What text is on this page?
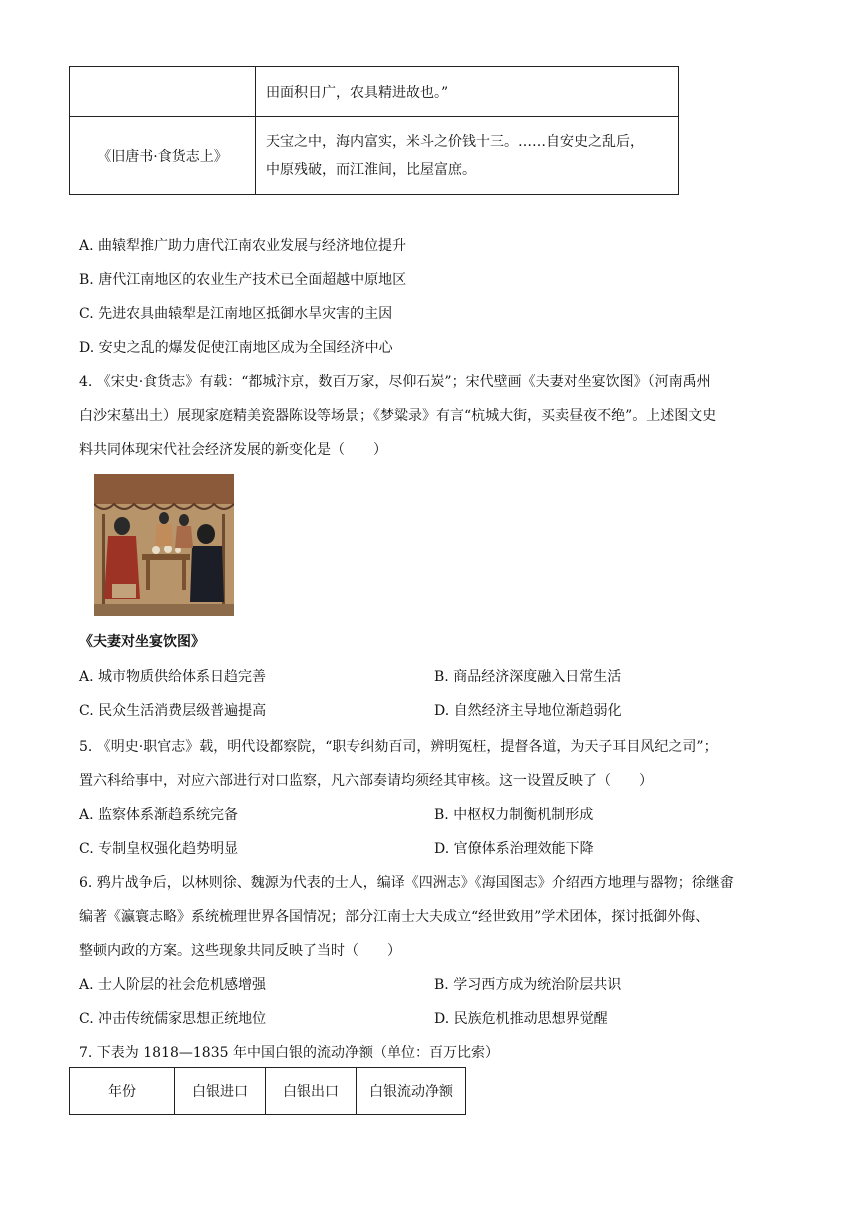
	田面积日广，农具精进故也。”
《旧唐书·食货志上》	天宝之中，海内富实，米斗之价钱十三。……自安史之乱后，
中原残破，而江淮间，比屋富庶。
A. 曲辕犁推广助力唐代江南农业发展与经济地位提升
B. 唐代江南地区的农业生产技术已全面超越中原地区
C. 先进农具曲辕犁是江南地区抵御水旱灾害的主因
D. 安史之乱的爆发促使江南地区成为全国经济中心
4. 《宋史·食货志》有载：“都城汴京，数百万家，尽仰石炭”；宋代壁画《夫妻对坐宴饮图》（河南禹州
白沙宋墓出土）展现家庭精美瓷器陈设等场景；《梦粱录》有言“杭城大街，买卖昼夜不绝”。上述图文史
料共同体现宋代社会经济发展的新变化是（　　）
《夫妻对坐宴饮图》
A. 城市物质供给体系日趋完善	B. 商品经济深度融入日常生活
C. 民众生活消费层级普遍提高	D. 自然经济主导地位渐趋弱化
5. 《明史·职官志》载，明代设都察院，“职专纠劾百司，辨明冤枉，提督各道，为天子耳目风纪之司”；
置六科给事中，对应六部进行对口监察，凡六部奏请均须经其审核。这一设置反映了（　　）
A. 监察体系渐趋系统完备	B. 中枢权力制衡机制形成
C. 专制皇权强化趋势明显	D. 官僚体系治理效能下降
6. 鸦片战争后，以林则徐、魏源为代表的士人，编译《四洲志》《海国图志》介绍西方地理与器物；徐继畬
编著《瀛寰志略》系统梳理世界各国情况；部分江南士大夫成立“经世致用”学术团体，探讨抵御外侮、
整顿内政的方案。这些现象共同反映了当时（　　）
A. 士人阶层的社会危机感增强	B. 学习西方成为统治阶层共识
C. 冲击传统儒家思想正统地位	D. 民族危机推动思想界觉醒
7. 下表为 1818—1835 年中国白银的流动净额（单位：百万比索）
年份	白银进口	白银出口	白银流动净额
